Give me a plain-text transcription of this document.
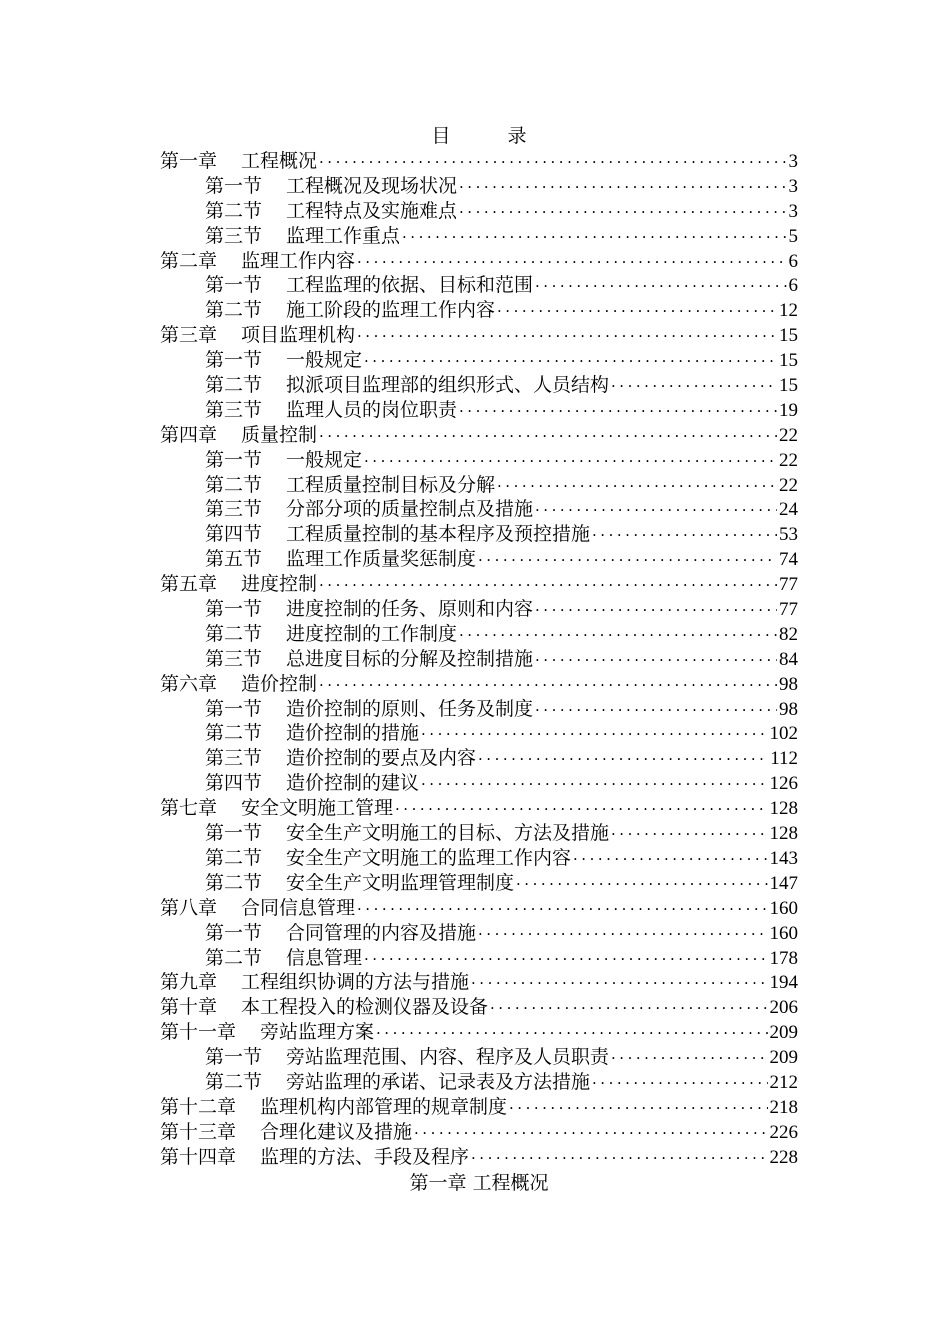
目　　　录
第一章 工程概况 ·····	3
第一节 工程概况及现场状况 ·····	3
第二节 工程特点及实施难点 ·····	3
第三节 监理工作重点 ·····	5
第二章 监理工作内容 ·····	6
第一节 工程监理的依据、目标和范围 ·····	6
第二节 施工阶段的监理工作内容 ·····	12
第三章 项目监理机构 ·····	15
第一节 一般规定 ·····	15
第二节 拟派项目监理部的组织形式、人员结构 ·····	15
第三节 监理人员的岗位职责 ·····	19
第四章 质量控制 ·····	22
第一节 一般规定 ·····	22
第二节 工程质量控制目标及分解 ·····	22
第三节 分部分项的质量控制点及措施 ·····	24
第四节 工程质量控制的基本程序及预控措施 ·····	53
第五节 监理工作质量奖惩制度 ·····	74
第五章 进度控制 ·····	77
第一节 进度控制的任务、原则和内容 ·····	77
第二节 进度控制的工作制度 ·····	82
第三节 总进度目标的分解及控制措施 ·····	84
第六章 造价控制 ·····	98
第一节 造价控制的原则、任务及制度 ·····	98
第二节 造价控制的措施 ·····	102
第三节 造价控制的要点及内容 ·····	112
第四节 造价控制的建议 ·····	126
第七章 安全文明施工管理 ·····	128
第一节 安全生产文明施工的目标、方法及措施 ·····	128
第二节 安全生产文明施工的监理工作内容 ·····	143
第二节 安全生产文明监理管理制度 ·····	147
第八章 合同信息管理 ·····	160
第一节 合同管理的内容及措施 ·····	160
第二节 信息管理 ·····	178
第九章 工程组织协调的方法与措施 ·····	194
第十章 本工程投入的检测仪器及设备 ·····	206
第十一章 旁站监理方案 ·····	209
第一节 旁站监理范围、内容、程序及人员职责 ·····	209
第二节 旁站监理的承诺、记录表及方法措施 ·····	212
第十二章 监理机构内部管理的规章制度 ·····	218
第十三章 合理化建议及措施 ·····	226
第十四章 监理的方法、手段及程序 ·····	228
第一章 工程概况
